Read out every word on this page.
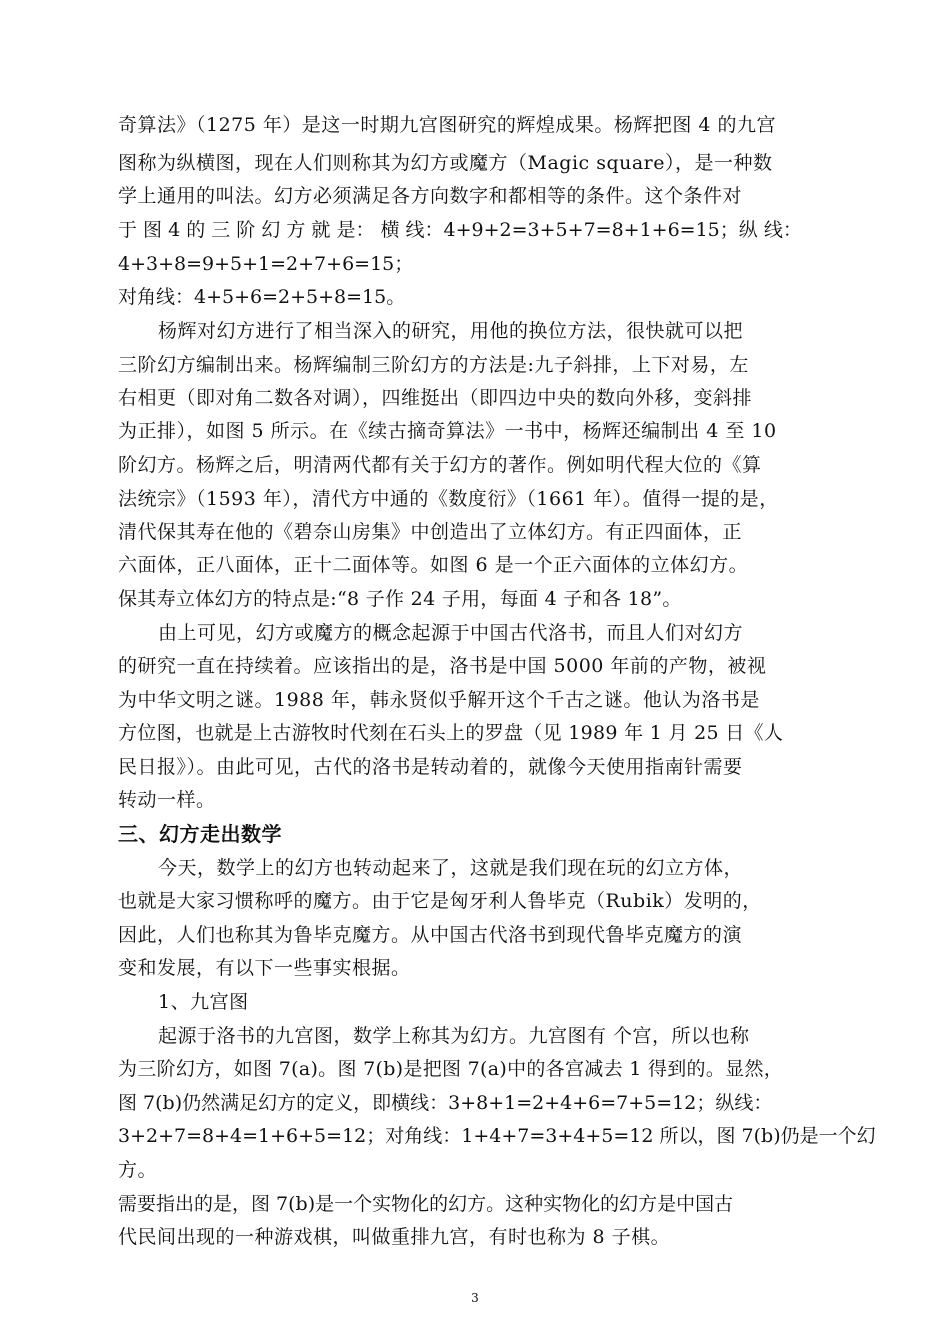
奇算法》（1275 年）是这一时期九宫图研究的辉煌成果。杨辉把图 4 的九宫
图称为纵横图，现在人们则称其为幻方或魔方（Magic square），是一种数
学上通用的叫法。幻方必须满足各方向数字和都相等的条件。这个条件对
于 图 4 的 三 阶 幻 方 就 是： 横 线：4+9+2=3+5+7=8+1+6=15；纵 线：
4+3+8=9+5+1=2+7+6=15；
对角线：4+5+6=2+5+8=15。
杨辉对幻方进行了相当深入的研究，用他的换位方法，很快就可以把
三阶幻方编制出来。杨辉编制三阶幻方的方法是:九子斜排，上下对易，左
右相更（即对角二数各对调），四维挺出（即四边中央的数向外移，变斜排
为正排），如图 5 所示。在《续古摘奇算法》一书中，杨辉还编制出 4 至 10
阶幻方。杨辉之后，明清两代都有关于幻方的著作。例如明代程大位的《算
法统宗》（1593 年），清代方中通的《数度衍》（1661 年）。值得一提的是，
清代保其寿在他的《碧奈山房集》中创造出了立体幻方。有正四面体，正
六面体，正八面体，正十二面体等。如图 6 是一个正六面体的立体幻方。
保其寿立体幻方的特点是:“8 子作 24 子用，每面 4 子和各 18”。
由上可见，幻方或魔方的概念起源于中国古代洛书，而且人们对幻方
的研究一直在持续着。应该指出的是，洛书是中国 5000 年前的产物，被视
为中华文明之谜。1988 年，韩永贤似乎解开这个千古之谜。他认为洛书是
方位图，也就是上古游牧时代刻在石头上的罗盘（见 1989 年 1 月 25 日《人
民日报》）。由此可见，古代的洛书是转动着的，就像今天使用指南针需要
转动一样。
三、幻方走出数学
今天，数学上的幻方也转动起来了，这就是我们现在玩的幻立方体，
也就是大家习惯称呼的魔方。由于它是匈牙利人鲁毕克（Rubik）发明的，
因此，人们也称其为鲁毕克魔方。从中国古代洛书到现代鲁毕克魔方的演
变和发展，有以下一些事实根据。
1、九宫图
起源于洛书的九宫图，数学上称其为幻方。九宫图有 个宫，所以也称
为三阶幻方，如图 7(a)。图 7(b)是把图 7(a)中的各宫减去 1 得到的。显然，
图 7(b)仍然满足幻方的定义，即横线：3+8+1=2+4+6=7+5=12；纵线：
3+2+7=8+4=1+6+5=12；对角线：1+4+7=3+4+5=12 所以，图 7(b)仍是一个幻
方。
需要指出的是，图 7(b)是一个实物化的幻方。这种实物化的幻方是中国古
代民间出现的一种游戏棋，叫做重排九宫，有时也称为 8 子棋。
3
